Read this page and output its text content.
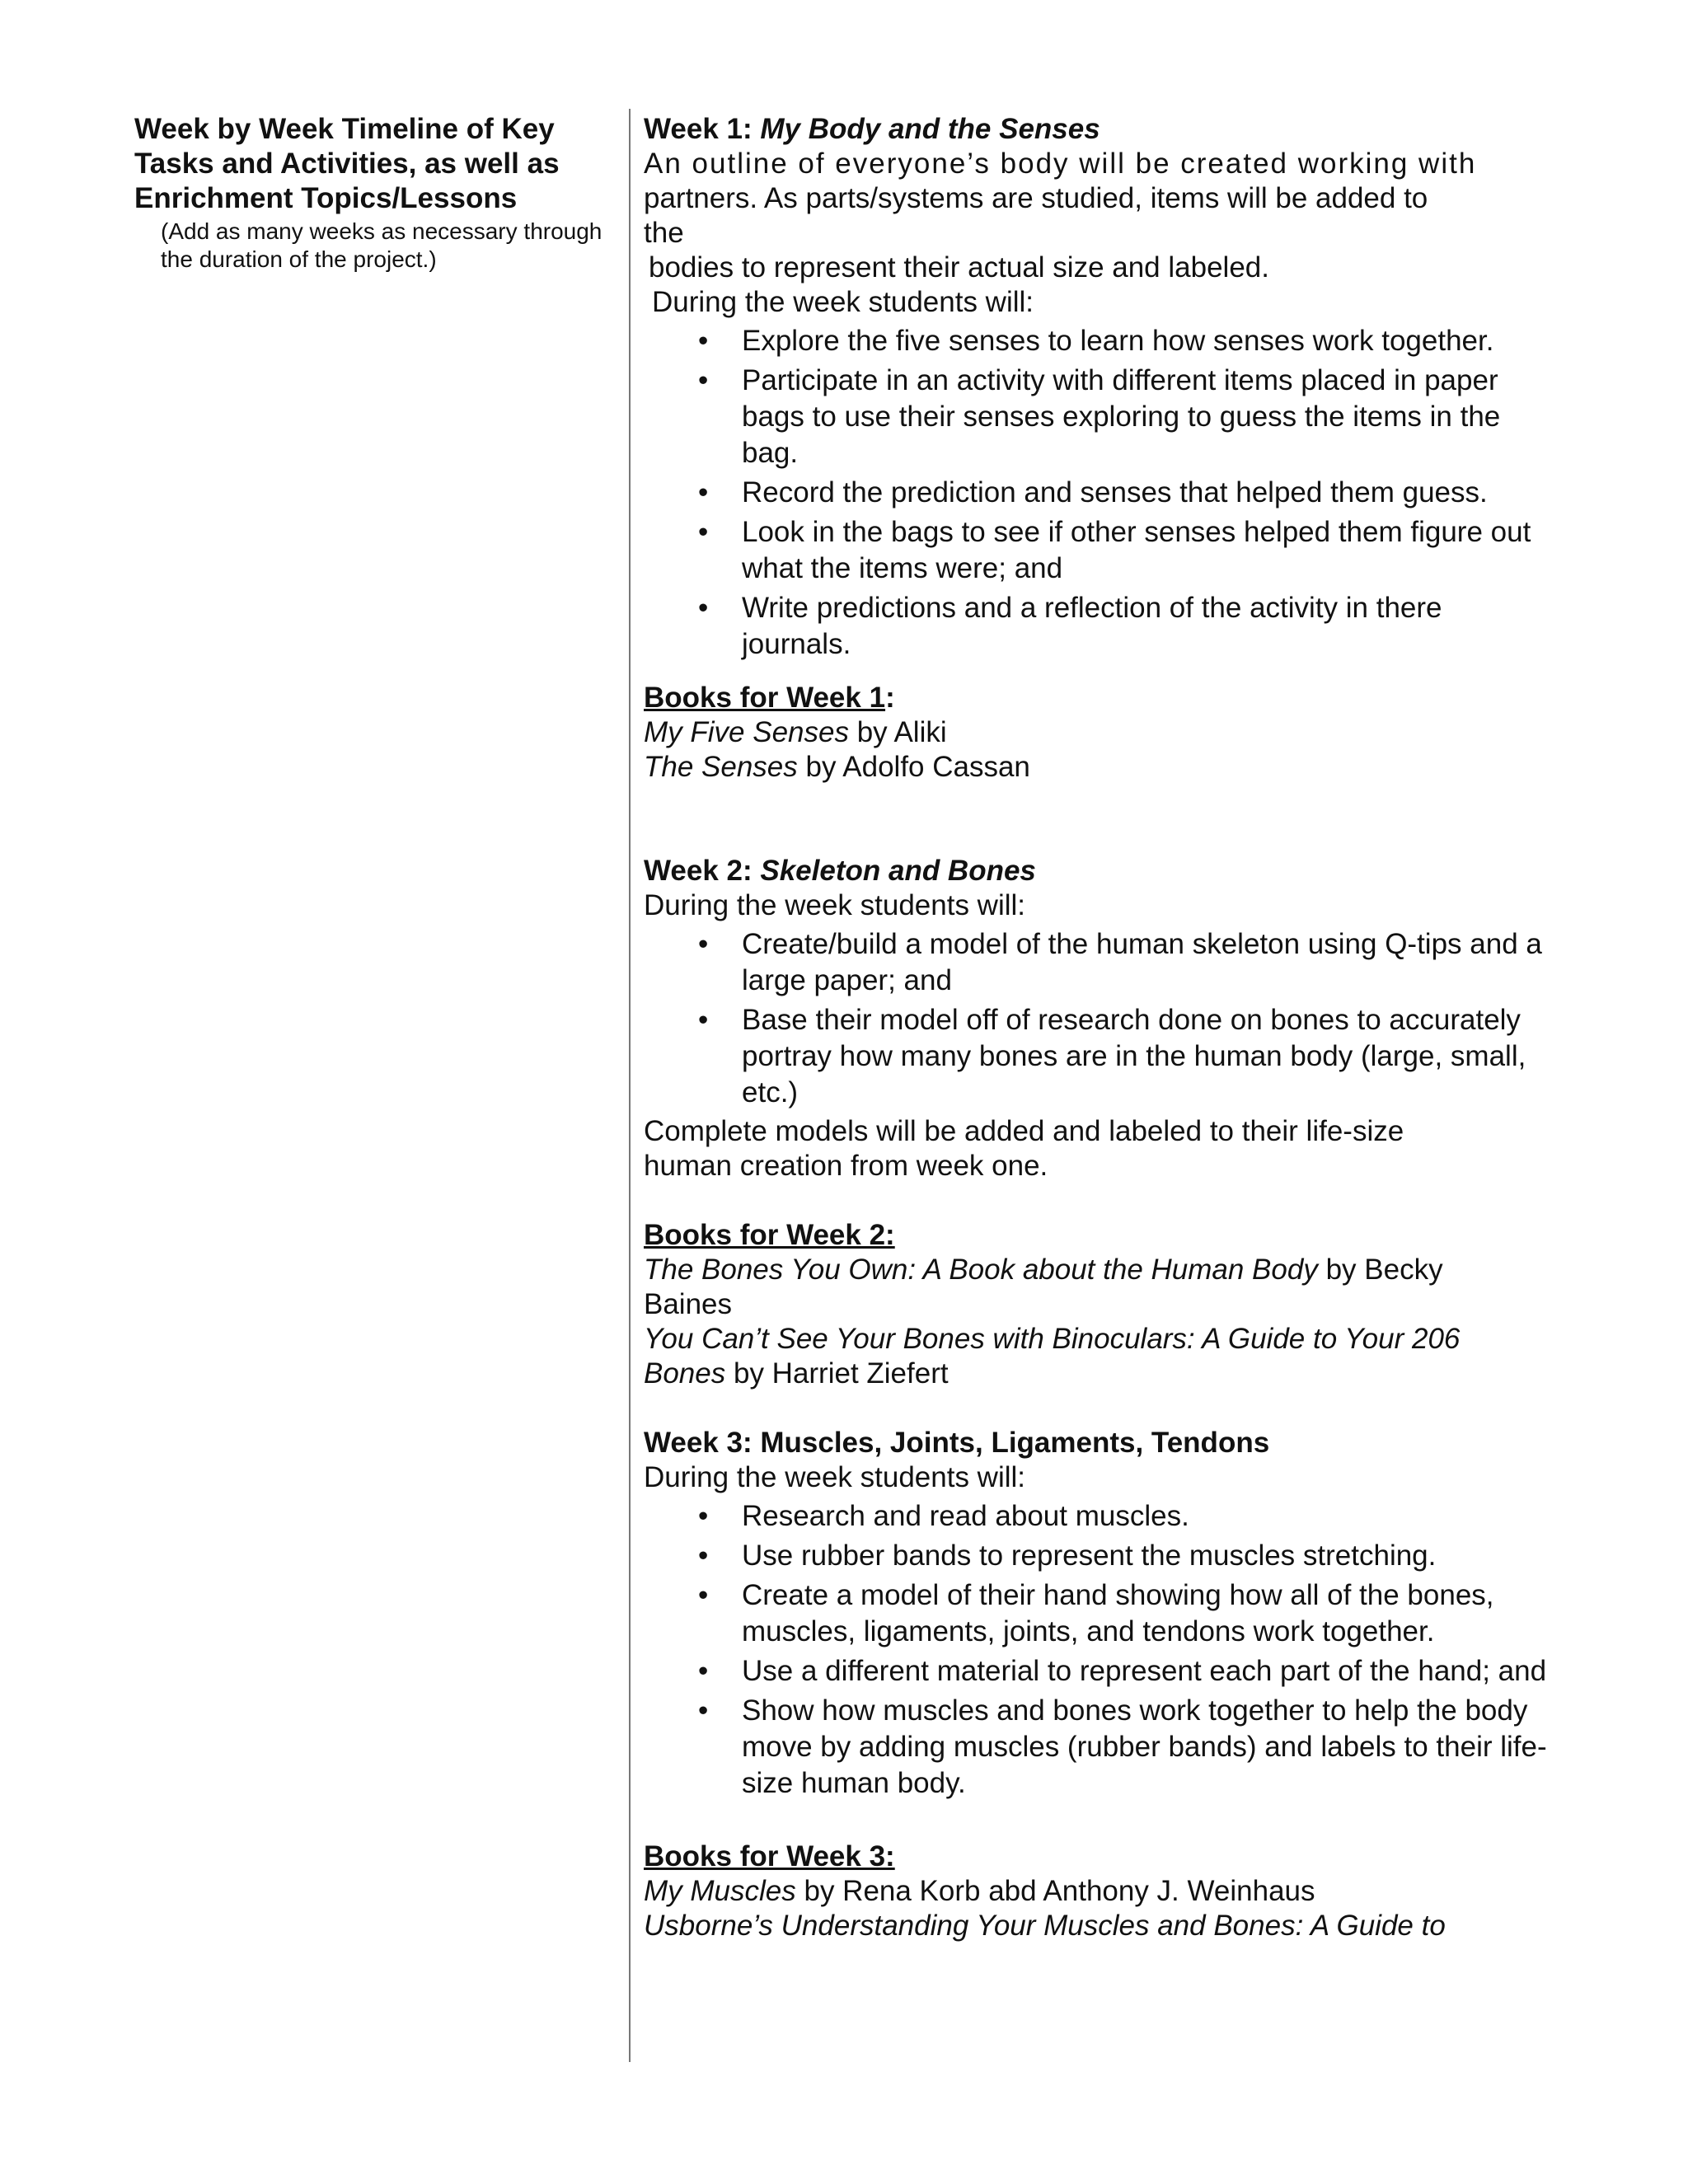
Week by Week Timeline of Key Tasks and Activities, as well as Enrichment Topics/Lessons

(Add as many weeks as necessary through the duration of the project.)

Week 1: My Body and the Senses

An outline of everyone’s body will be created working with

partners. As parts/systems are studied, items will be added to

the

bodies to represent their actual size and labeled.

During the week students will:

• Explore the five senses to learn how senses work together.
• Participate in an activity with different items placed in paper bags to use their senses exploring to guess the items in the bag.
• Record the prediction and senses that helped them guess.
• Look in the bags to see if other senses helped them figure out what the items were; and
• Write predictions and a reflection of the activity in there journals.

Books for Week 1:

My Five Senses by Aliki

The Senses by Adolfo Cassan

Week 2: Skeleton and Bones

During the week students will:

• Create/build a model of the human skeleton using Q-tips and a large paper; and
• Base their model off of research done on bones to accurately portray how many bones are in the human body (large, small, etc.)

Complete models will be added and labeled to their life-size

human creation from week one.

Books for Week 2:

The Bones You Own: A Book about the Human Body by Becky

Baines

You Can’t See Your Bones with Binoculars: A Guide to Your 206

Bones by Harriet Ziefert

Week 3: Muscles, Joints, Ligaments, Tendons

During the week students will:

• Research and read about muscles.
• Use rubber bands to represent the muscles stretching.
• Create a model of their hand showing how all of the bones, muscles, ligaments, joints, and tendons work together.
• Use a different material to represent each part of the hand; and
• Show how muscles and bones work together to help the body move by adding muscles (rubber bands) and labels to their life-size human body.

Books for Week 3:

My Muscles by Rena Korb abd Anthony J. Weinhaus

Usborne’s Understanding Your Muscles and Bones: A Guide to
